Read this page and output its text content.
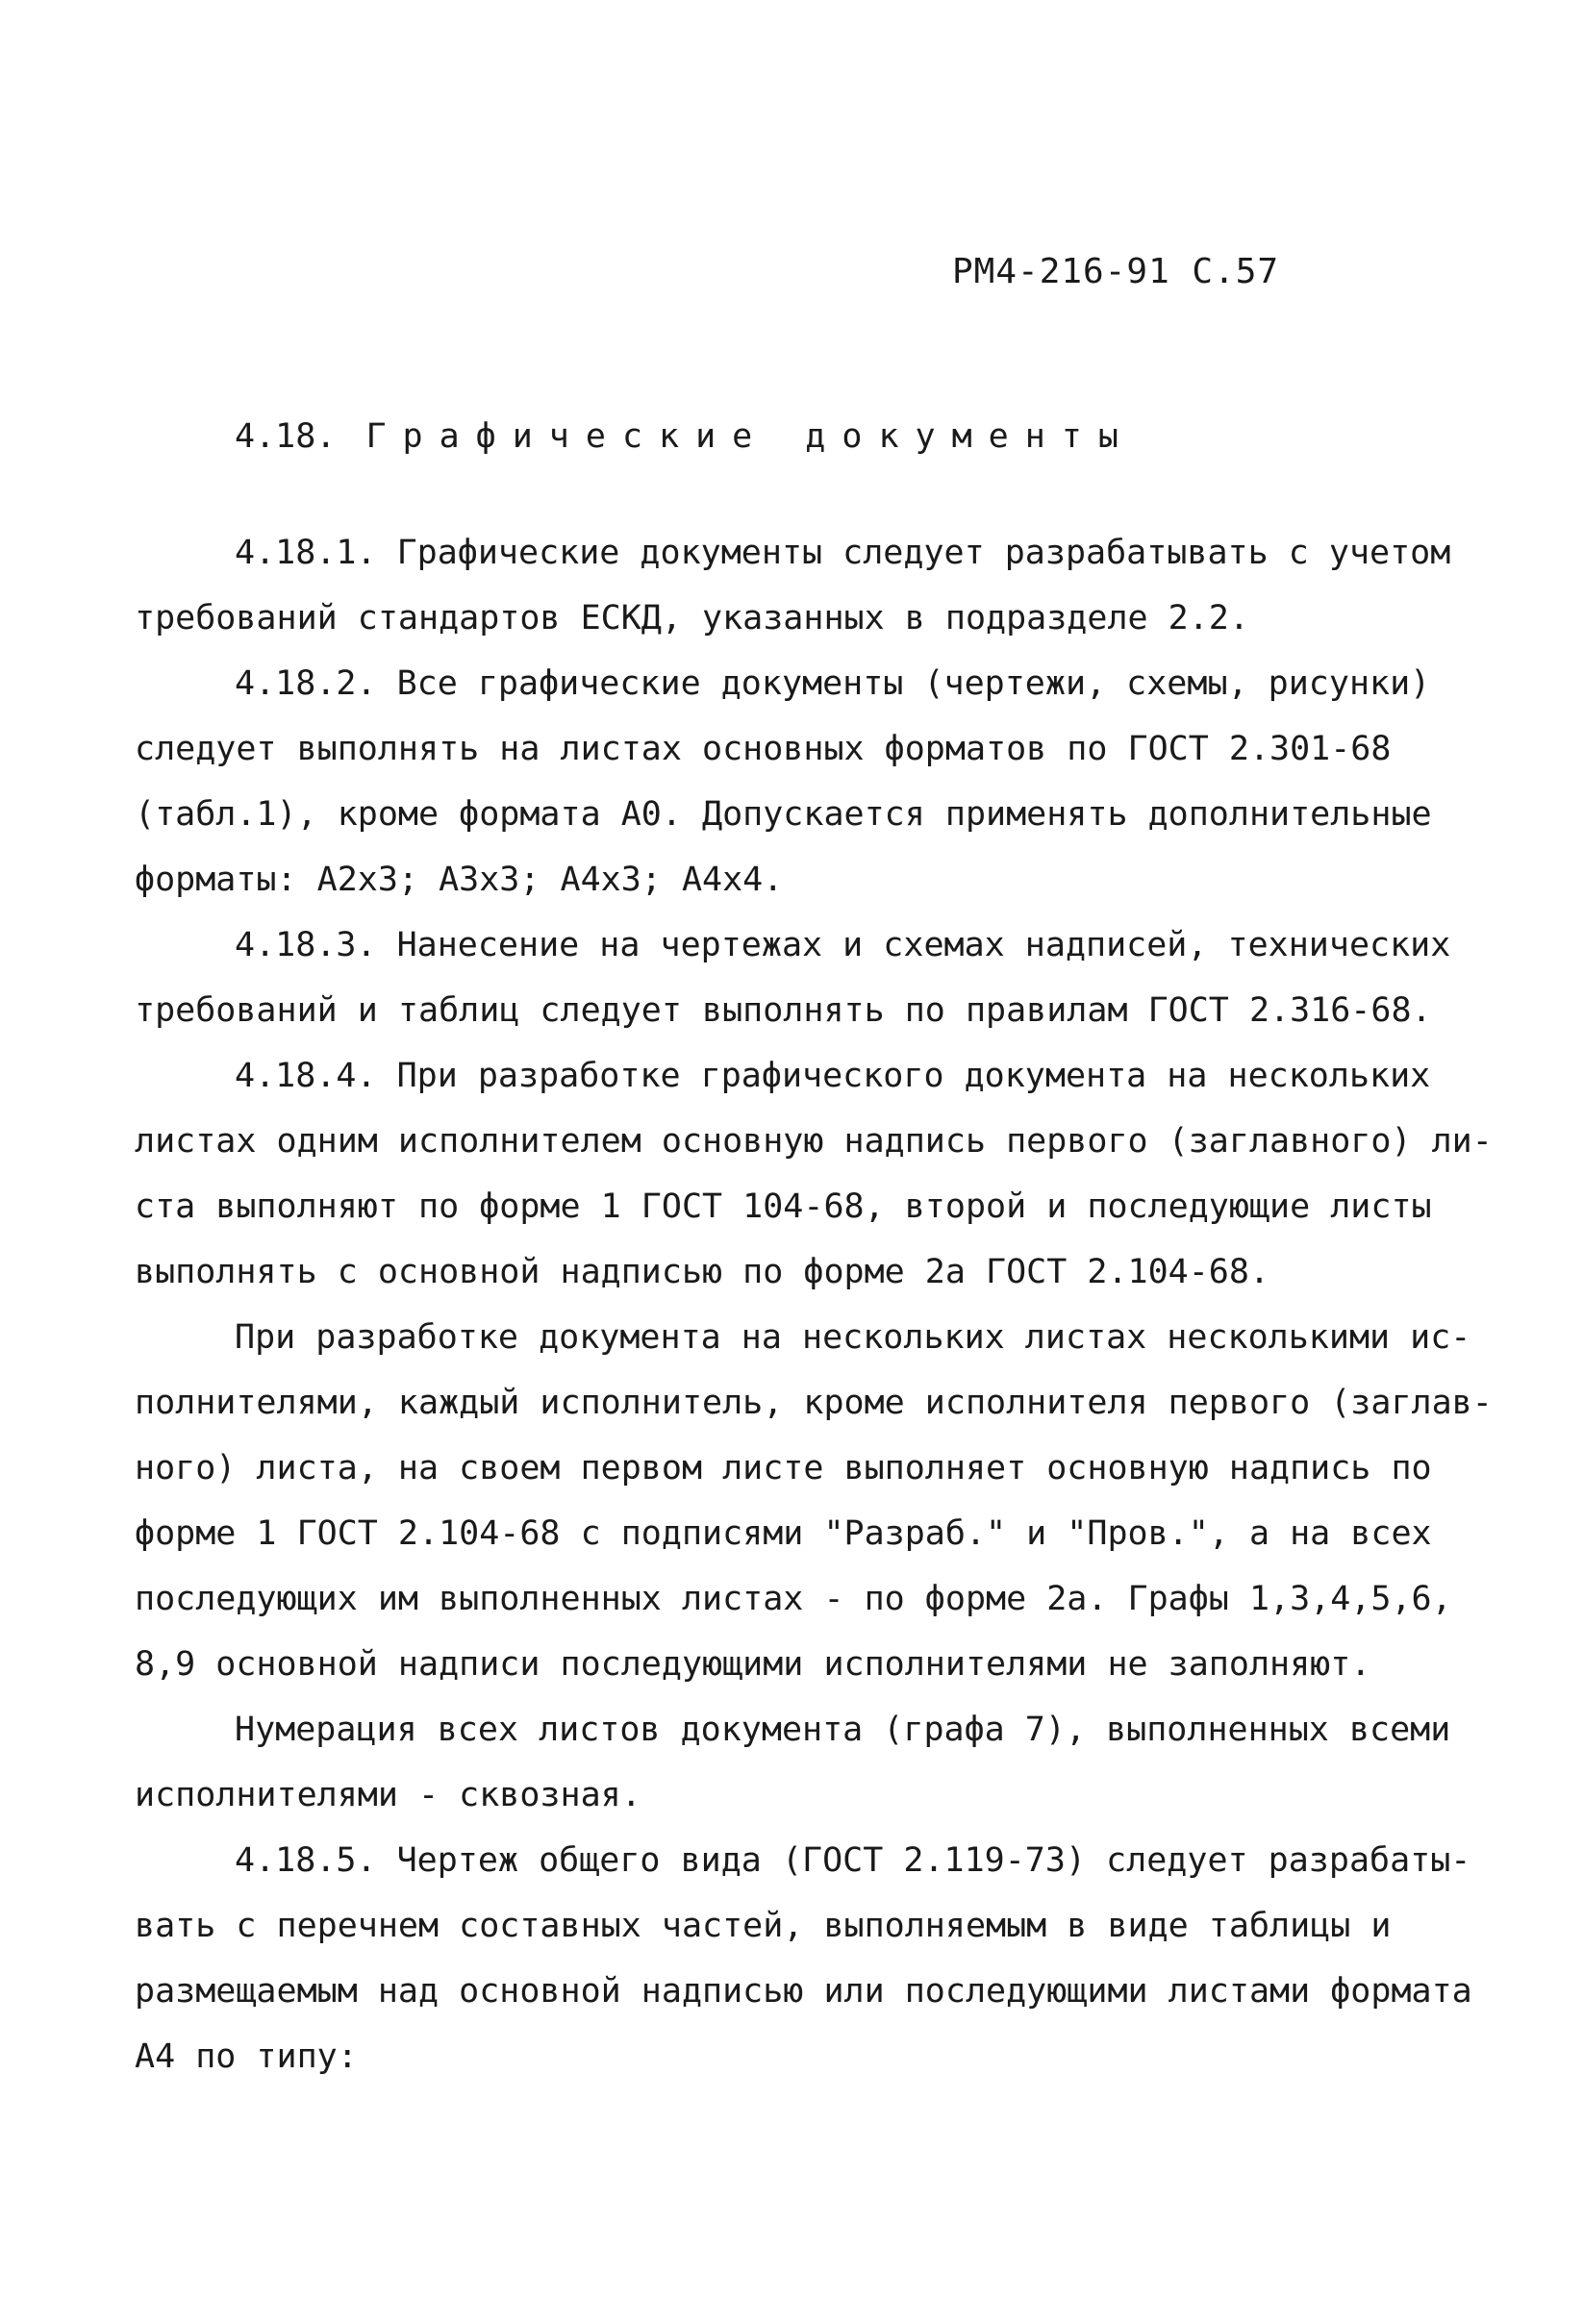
РМ4-216-91 С.57
4.18. Графические документы
4.18.1. Графические документы следует разрабатывать с учетом
требований стандартов ЕСКД, указанных в подразделе 2.2.
4.18.2. Все графические документы (чертежи, схемы, рисунки)
следует выполнять на листах основных форматов по ГОСТ 2.301-68
(табл.1), кроме формата А0. Допускается применять дополнительные
форматы: А2х3; А3х3; А4х3; А4х4.
4.18.3. Нанесение на чертежах и схемах надписей, технических
требований и таблиц следует выполнять по правилам ГОСТ 2.316-68.
4.18.4. При разработке графического документа на нескольких
листах одним исполнителем основную надпись первого (заглавного) ли-
ста выполняют по форме 1 ГОСТ 104-68, второй и последующие листы
выполнять с основной надписью по форме 2а ГОСТ 2.104-68.
При разработке документа на нескольких листах несколькими ис-
полнителями, каждый исполнитель, кроме исполнителя первого (заглав-
ного) листа, на своем первом листе выполняет основную надпись по
форме 1 ГОСТ 2.104-68 с подписями "Разраб." и "Пров.", а на всех
последующих им выполненных листах - по форме 2а. Графы 1,3,4,5,6,
8,9 основной надписи последующими исполнителями не заполняют.
Нумерация всех листов документа (графа 7), выполненных всеми
исполнителями - сквозная.
4.18.5. Чертеж общего вида (ГОСТ 2.119-73) следует разрабаты-
вать с перечнем составных частей, выполняемым в виде таблицы и
размещаемым над основной надписью или последующими листами формата
А4 по типу:
